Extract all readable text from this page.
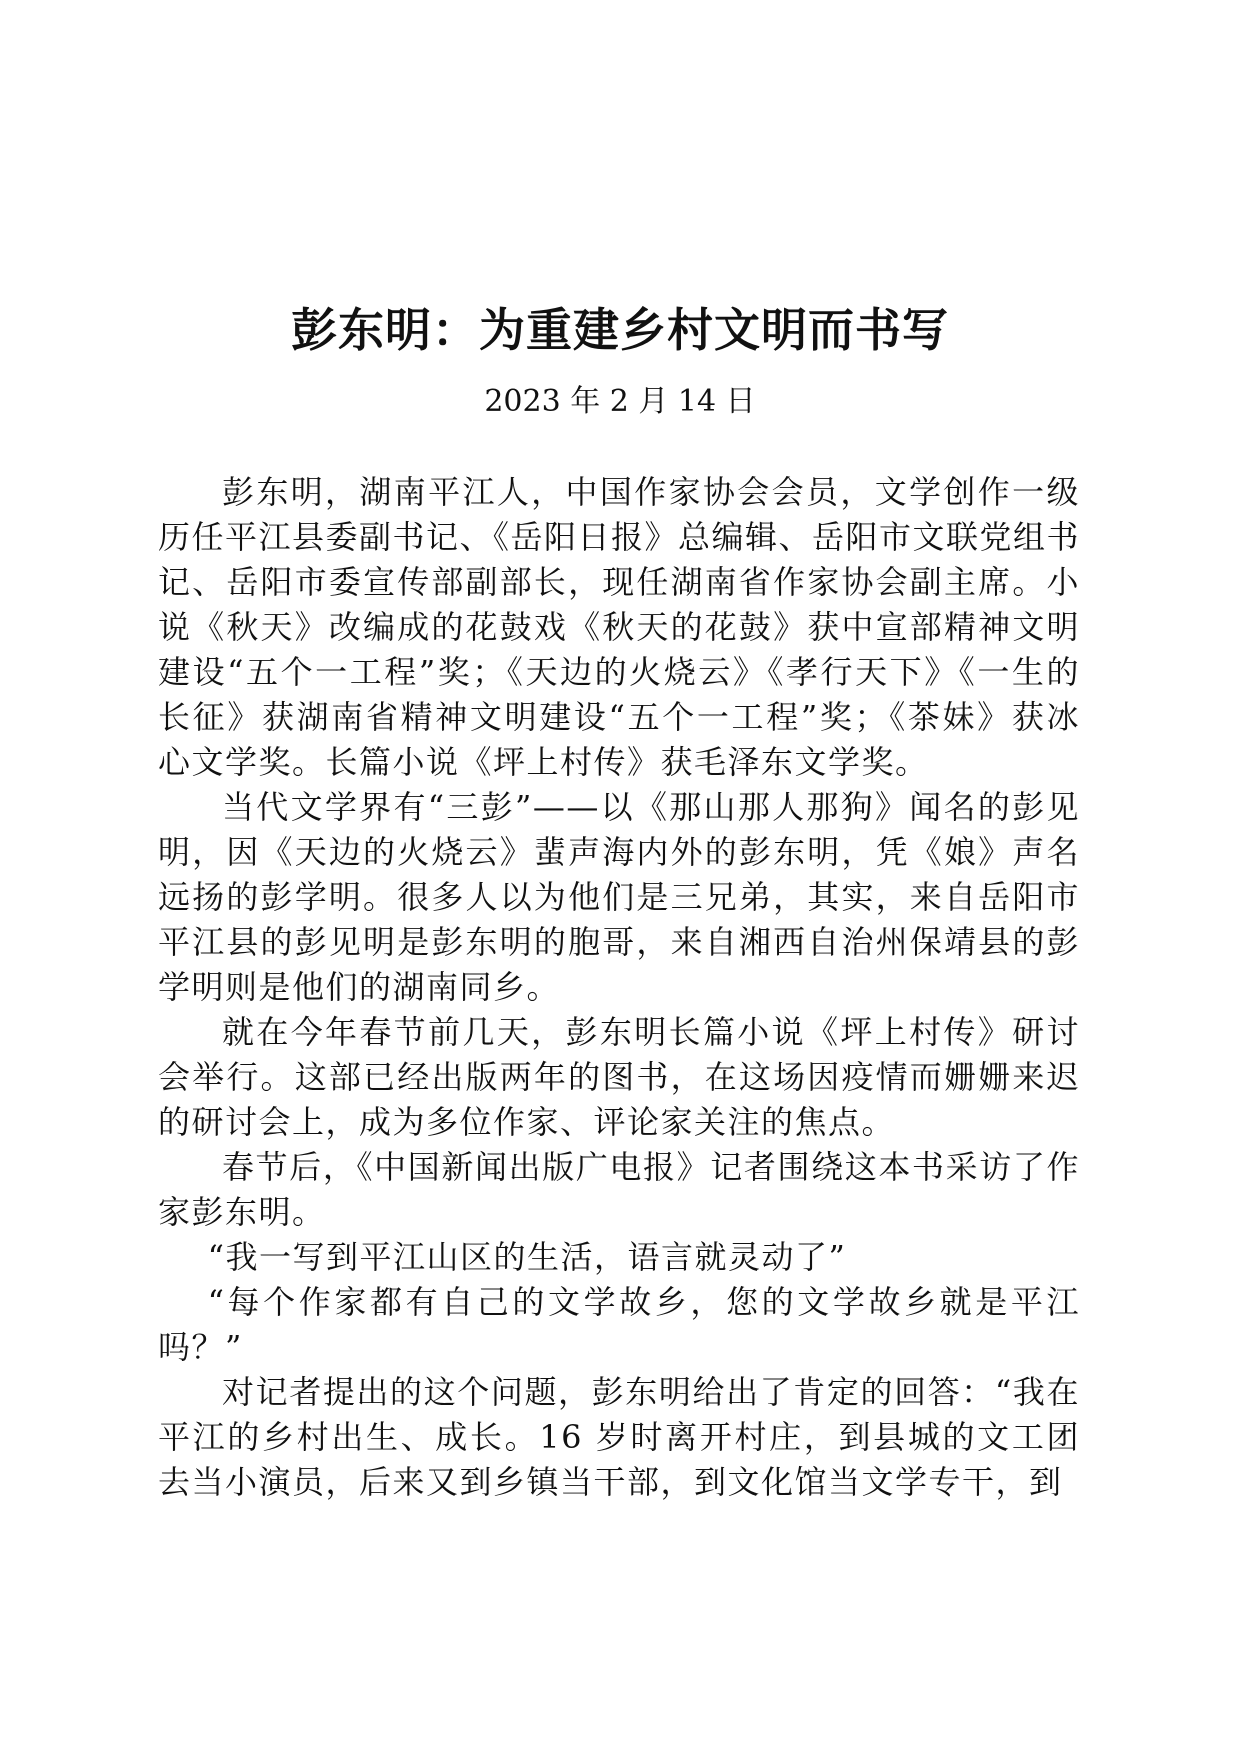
彭东明：为重建乡村文明而书写
2023 年 2 月 14 日

彭东明，湖南平江人，中国作家协会会员，文学创作一级历任平江县委副书记、《岳阳日报》总编辑、岳阳市文联党组书记、岳阳市委宣传部副部长，现任湖南省作家协会副主席。小说《秋天》改编成的花鼓戏《秋天的花鼓》获中宣部精神文明建设“五个一工程”奖；《天边的火烧云》《孝行天下》《一生的长征》获湖南省精神文明建设“五个一工程”奖；《茶妹》获冰心文学奖。长篇小说《坪上村传》获毛泽东文学奖。

当代文学界有“三彭”——以《那山那人那狗》闻名的彭见明，因《天边的火烧云》蜚声海内外的彭东明，凭《娘》声名远扬的彭学明。很多人以为他们是三兄弟，其实，来自岳阳市平江县的彭见明是彭东明的胞哥，来自湘西自治州保靖县的彭学明则是他们的湖南同乡。

就在今年春节前几天，彭东明长篇小说《坪上村传》研讨会举行。这部已经出版两年的图书，在这场因疫情而姗姗来迟的研讨会上，成为多位作家、评论家关注的焦点。

春节后，《中国新闻出版广电报》记者围绕这本书采访了作家彭东明。

“我一写到平江山区的生活，语言就灵动了”

“每个作家都有自己的文学故乡，您的文学故乡就是平江吗？”

对记者提出的这个问题，彭东明给出了肯定的回答：“我在平江的乡村出生、成长。16 岁时离开村庄，到县城的文工团去当小演员，后来又到乡镇当干部，到文化馆当文学专干，到
